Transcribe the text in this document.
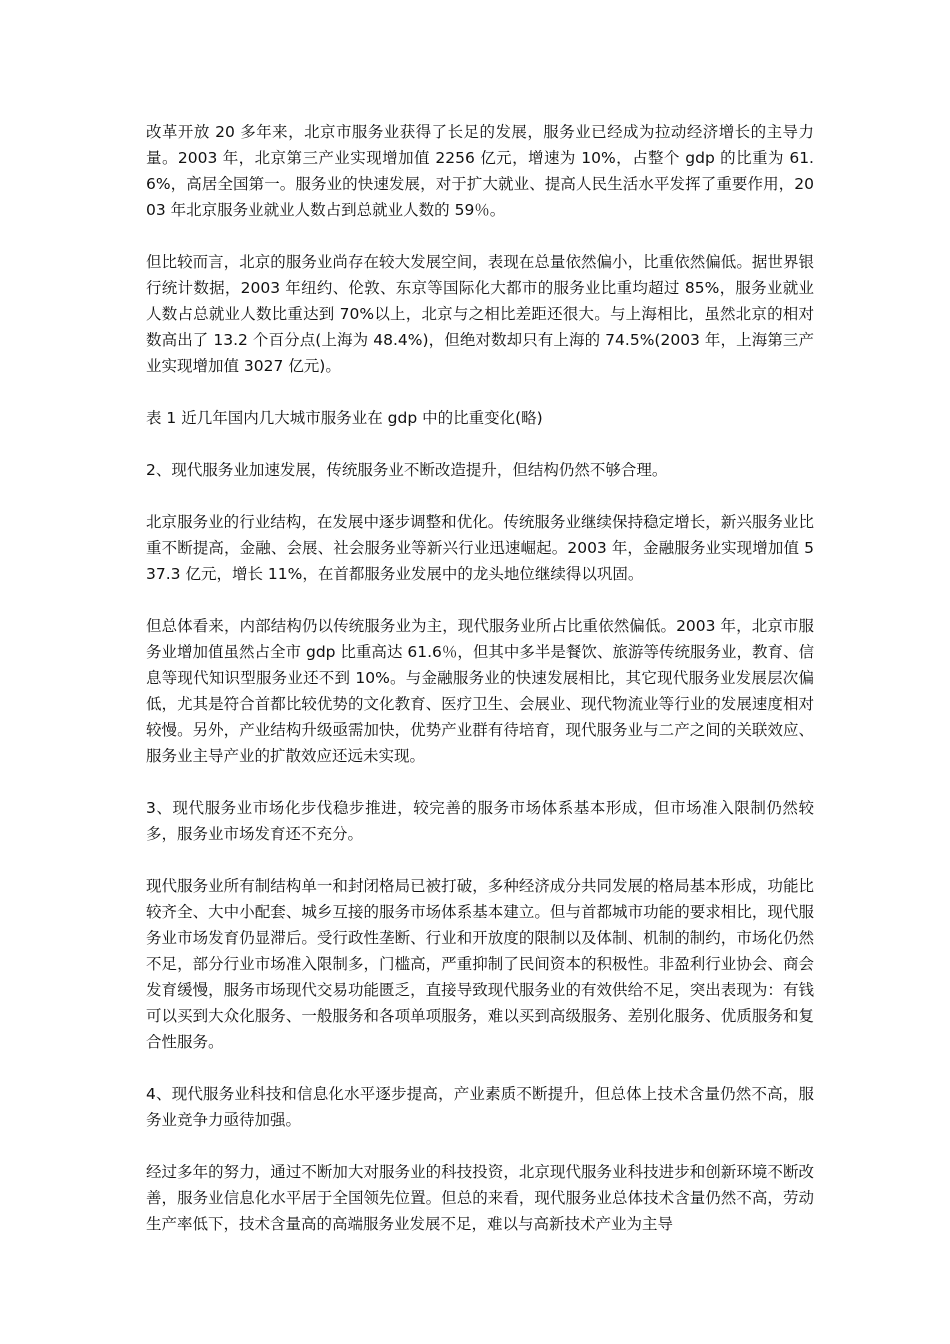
改革开放 20 多年来，北京市服务业获得了长足的发展，服务业已经成为拉动经济增长的主导力量。2003 年，北京第三产业实现增加值 2256 亿元，增速为 10%，占整个 gdp 的比重为 61.6%，高居全国第一。服务业的快速发展，对于扩大就业、提高人民生活水平发挥了重要作用，2003 年北京服务业就业人数占到总就业人数的 59％。

但比较而言，北京的服务业尚存在较大发展空间，表现在总量依然偏小，比重依然偏低。据世界银行统计数据，2003 年纽约、伦敦、东京等国际化大都市的服务业比重均超过 85%，服务业就业人数占总就业人数比重达到 70%以上，北京与之相比差距还很大。与上海相比，虽然北京的相对数高出了 13.2 个百分点(上海为 48.4%)，但绝对数却只有上海的 74.5%(2003 年，上海第三产业实现增加值 3027 亿元)。

表 1 近几年国内几大城市服务业在 gdp 中的比重变化(略)

2、现代服务业加速发展，传统服务业不断改造提升，但结构仍然不够合理。

北京服务业的行业结构，在发展中逐步调整和优化。传统服务业继续保持稳定增长，新兴服务业比重不断提高，金融、会展、社会服务业等新兴行业迅速崛起。2003 年，金融服务业实现增加值 537.3 亿元，增长 11%，在首都服务业发展中的龙头地位继续得以巩固。

但总体看来，内部结构仍以传统服务业为主，现代服务业所占比重依然偏低。2003 年，北京市服务业增加值虽然占全市 gdp 比重高达 61.6％，但其中多半是餐饮、旅游等传统服务业，教育、信息等现代知识型服务业还不到 10%。与金融服务业的快速发展相比，其它现代服务业发展层次偏低，尤其是符合首都比较优势的文化教育、医疗卫生、会展业、现代物流业等行业的发展速度相对较慢。另外，产业结构升级亟需加快，优势产业群有待培育，现代服务业与二产之间的关联效应、服务业主导产业的扩散效应还远未实现。

3、现代服务业市场化步伐稳步推进，较完善的服务市场体系基本形成，但市场准入限制仍然较多，服务业市场发育还不充分。

现代服务业所有制结构单一和封闭格局已被打破，多种经济成分共同发展的格局基本形成，功能比较齐全、大中小配套、城乡互接的服务市场体系基本建立。但与首都城市功能的要求相比，现代服务业市场发育仍显滞后。受行政性垄断、行业和开放度的限制以及体制、机制的制约，市场化仍然不足，部分行业市场准入限制多，门槛高，严重抑制了民间资本的积极性。非盈利行业协会、商会发育缓慢，服务市场现代交易功能匮乏，直接导致现代服务业的有效供给不足，突出表现为：有钱可以买到大众化服务、一般服务和各项单项服务，难以买到高级服务、差别化服务、优质服务和复合性服务。

4、现代服务业科技和信息化水平逐步提高，产业素质不断提升，但总体上技术含量仍然不高，服务业竞争力亟待加强。

经过多年的努力，通过不断加大对服务业的科技投资，北京现代服务业科技进步和创新环境不断改善，服务业信息化水平居于全国领先位置。但总的来看，现代服务业总体技术含量仍然不高，劳动生产率低下，技术含量高的高端服务业发展不足，难以与高新技术产业为主导
